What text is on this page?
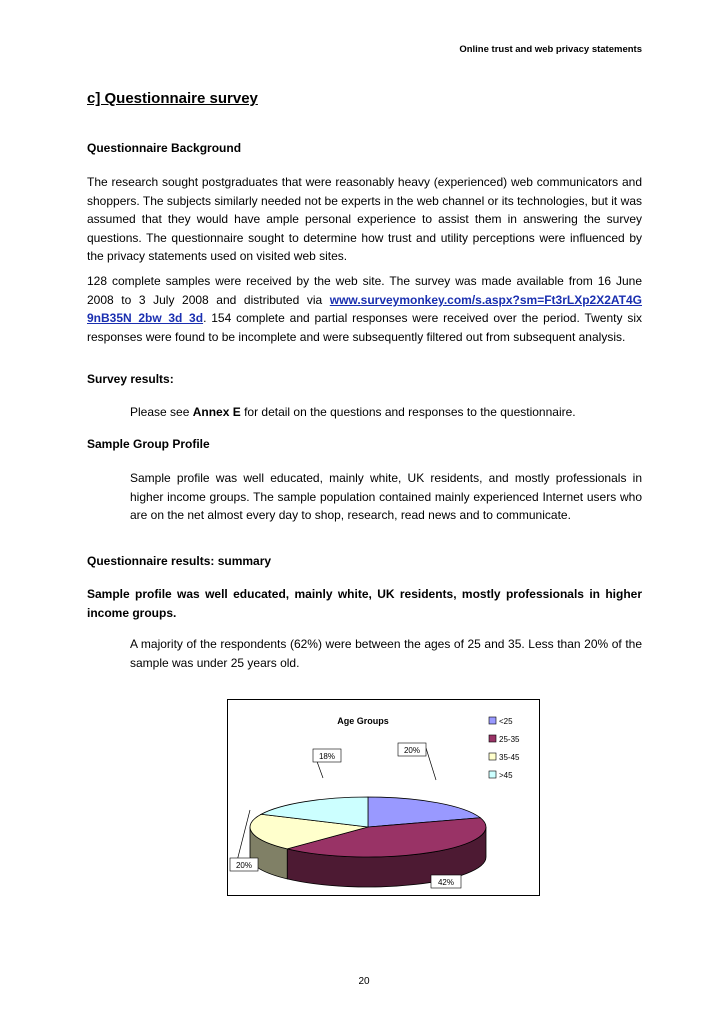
Online trust and web privacy statements
c] Questionnaire survey
Questionnaire Background
The research sought postgraduates that were reasonably heavy (experienced) web communicators and shoppers. The subjects similarly needed not be experts in the web channel or its technologies, but it was assumed that they would have ample personal experience to assist them in answering the survey questions. The questionnaire sought to determine how trust and utility perceptions were influenced by the privacy statements used on visited web sites.
128 complete samples were received by the web site. The survey was made available from 16 June 2008 to 3 July 2008 and distributed via www.surveymonkey.com/s.aspx?sm=Ft3rLXp2X2AT4G 9nB35N_2bw_3d_3d. 154 complete and partial responses were received over the period. Twenty six responses were found to be incomplete and were subsequently filtered out from subsequent analysis.
Survey results:
Please see Annex E for detail on the questions and responses to the questionnaire.
Sample Group Profile
Sample profile was well educated, mainly white, UK residents, and mostly professionals in higher income groups. The sample population contained mainly experienced Internet users who are on the net almost every day to shop, research, read news and to communicate.
Questionnaire results: summary
Sample profile was well educated, mainly white, UK residents, mostly professionals in higher income groups.
A majority of the respondents (62%) were between the ages of 25 and 35. Less than 20% of the sample was under 25 years old.
Age Groups
20%
42%
20%
18%
<25
25-35
35-45
>45
20
